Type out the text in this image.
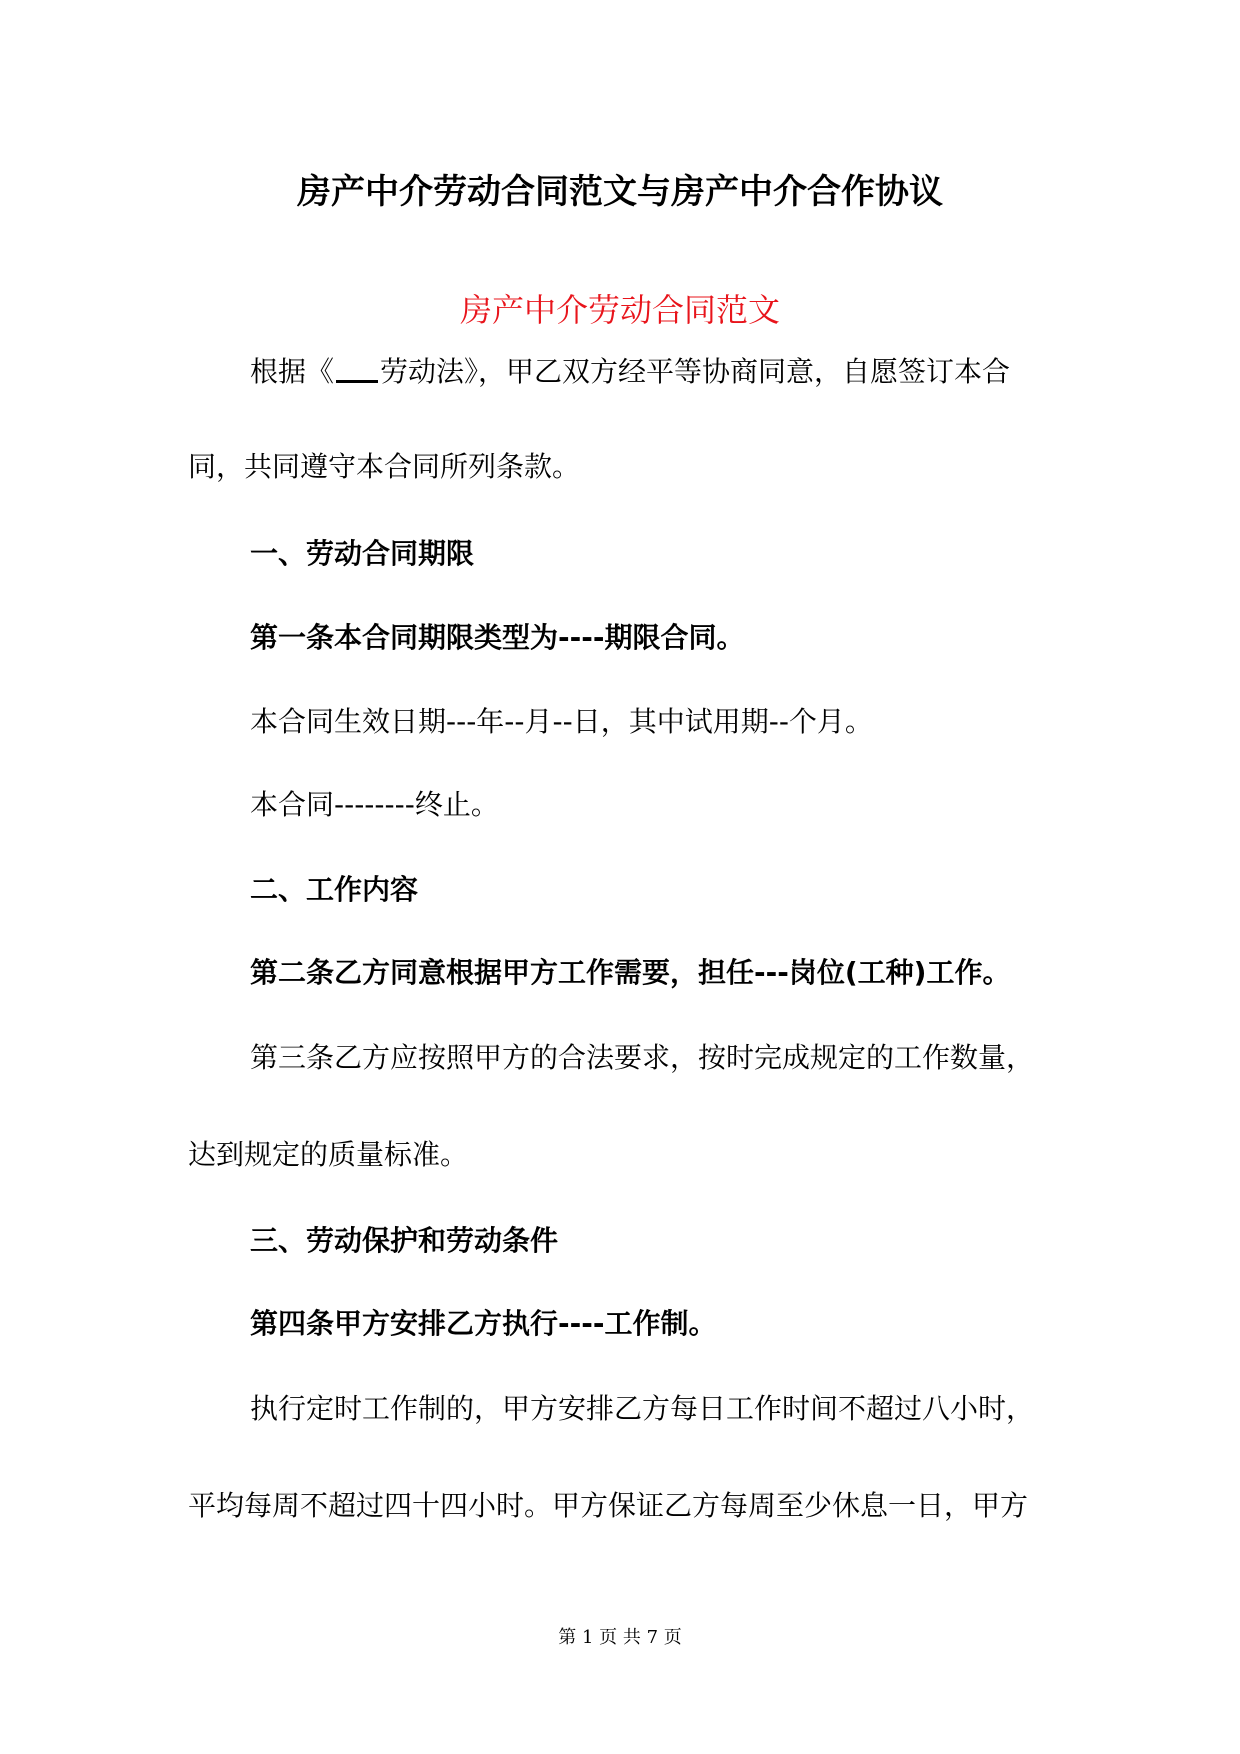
房产中介劳动合同范文与房产中介合作协议
房产中介劳动合同范文
根据《 劳动法》，甲乙双方经平等协商同意，自愿签订本合
同，共同遵守本合同所列条款。
一、劳动合同期限
第一条本合同期限类型为----期限合同。
本合同生效日期---年--月--日，其中试用期--个月。
本合同--------终止。
二、工作内容
第二条乙方同意根据甲方工作需要，担任---岗位(工种)工作。
第三条乙方应按照甲方的合法要求，按时完成规定的工作数量，
达到规定的质量标准。
三、劳动保护和劳动条件
第四条甲方安排乙方执行----工作制。
执行定时工作制的，甲方安排乙方每日工作时间不超过八小时，
平均每周不超过四十四小时。甲方保证乙方每周至少休息一日，甲方
第 1 页 共 7 页
